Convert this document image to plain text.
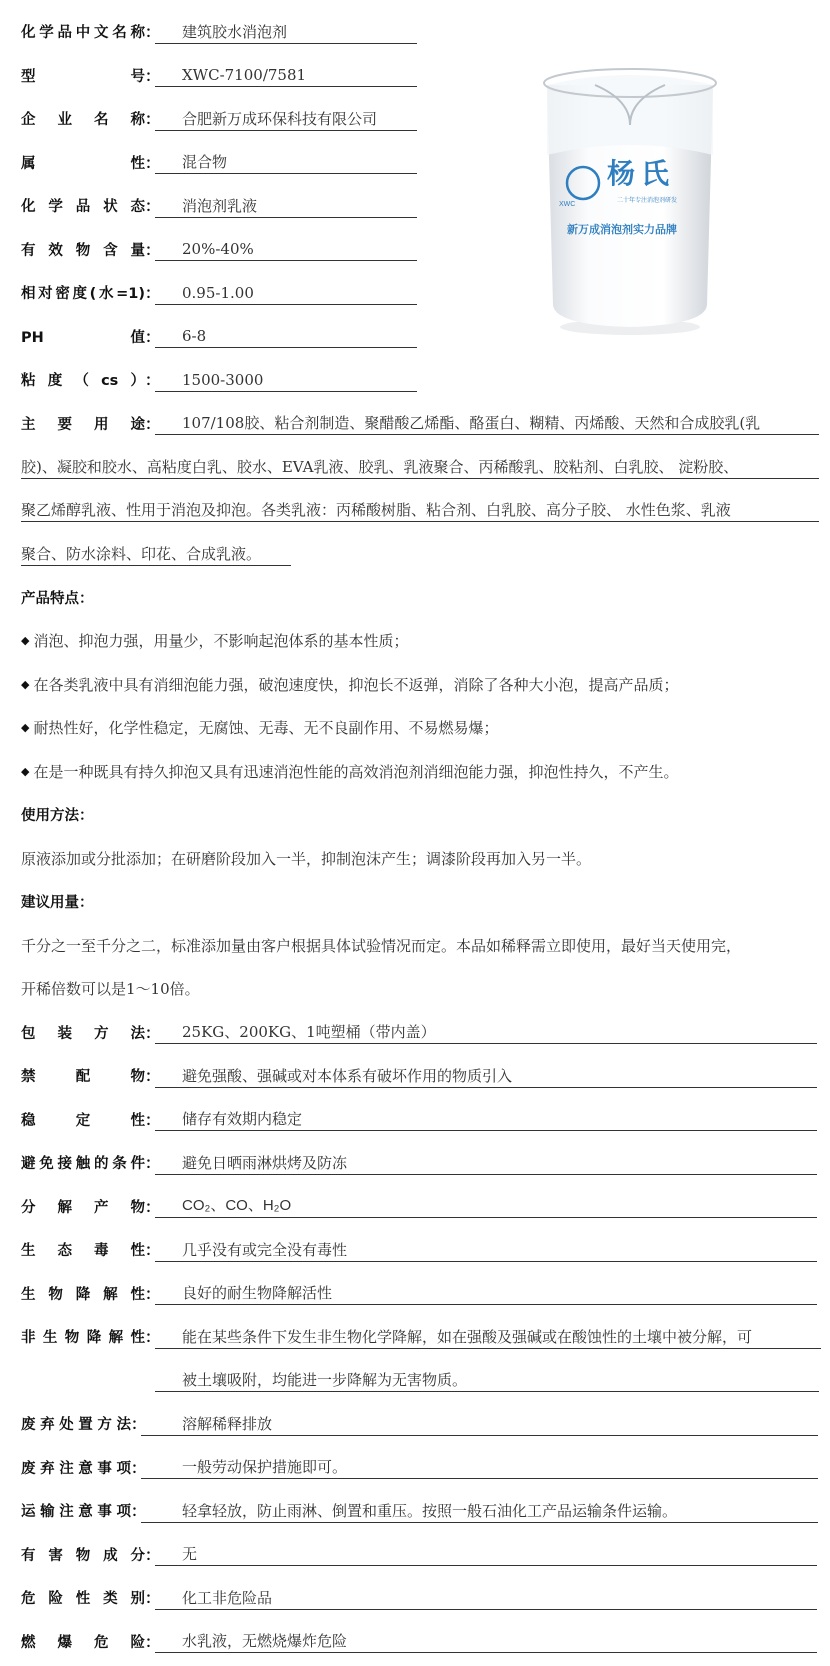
化学品中文名称 ：	建筑胶水消泡剂
型号 ：	XWC-7100/7581
企业名称 ：	合肥新万成环保科技有限公司
属性 ：	混合物
化学品状态 ：	消泡剂乳液
有效物含量 ：	20%-40%
相对密度(水=1) ：	0.95-1.00
PH值 ：	6-8
粘度（cs） ：	1500-3000
主要用途 ：	107/108胶、粘合剂制造、聚醋酸乙烯酯、酪蛋白、糊精、丙烯酸、天然和合成胶乳(乳
胶)、凝胶和胶水、高粘度白乳、胶水、EVA乳液、胶乳、乳液聚合、丙稀酸乳、胶粘剂、白乳胶、 淀粉胶、
聚乙烯醇乳液、性用于消泡及抑泡。各类乳液：丙稀酸树脂、粘合剂、白乳胶、高分子胶、 水性色浆、乳液
聚合、防水涂料、印花、合成乳液。
产品特点：
◆ 消泡、抑泡力强，用量少，不影响起泡体系的基本性质；
◆ 在各类乳液中具有消细泡能力强，破泡速度快，抑泡长不返弹，消除了各种大小泡，提高产品质；
◆ 耐热性好，化学性稳定，无腐蚀、无毒、无不良副作用、不易燃易爆；
◆ 在是一种既具有持久抑泡又具有迅速消泡性能的高效消泡剂消细泡能力强，抑泡性持久，不产生。
使用方法：
原液添加或分批添加；在研磨阶段加入一半，抑制泡沫产生；调漆阶段再加入另一半。
建议用量：
千分之一至千分之二，标准添加量由客户根据具体试验情况而定。本品如稀释需立即使用，最好当天使用完，
开稀倍数可以是1～10倍。
包装方法 ：	25KG、200KG、1吨塑桶（带内盖）
禁配物 ：	避免强酸、强碱或对本体系有破坏作用的物质引入
稳定性 ：	储存有效期内稳定
避免接触的条件 ：	避免日晒雨淋烘烤及防冻
分解产物 ：	CO₂、CO、H₂O
生态毒性 ：	几乎没有或完全没有毒性
生物降解性 ：	良好的耐生物降解活性
非生物降解性 ：	能在某些条件下发生非生物化学降解，如在强酸及强碱或在酸蚀性的土壤中被分解，可
被土壤吸附，均能进一步降解为无害物质。
废弃处置方法 ：	溶解稀释排放
废弃注意事项 ：	一般劳动保护措施即可。
运输注意事项 ：	轻拿轻放，防止雨淋、倒置和重压。按照一般石油化工产品运输条件运输。
有害物成分 ：	无
危险性类别 ：	化工非危险品
燃爆危险 ：	水乳液，无燃烧爆炸危险
XWC
杨氏
二十年专注消泡剂研发
新万成消泡剂实力品牌
